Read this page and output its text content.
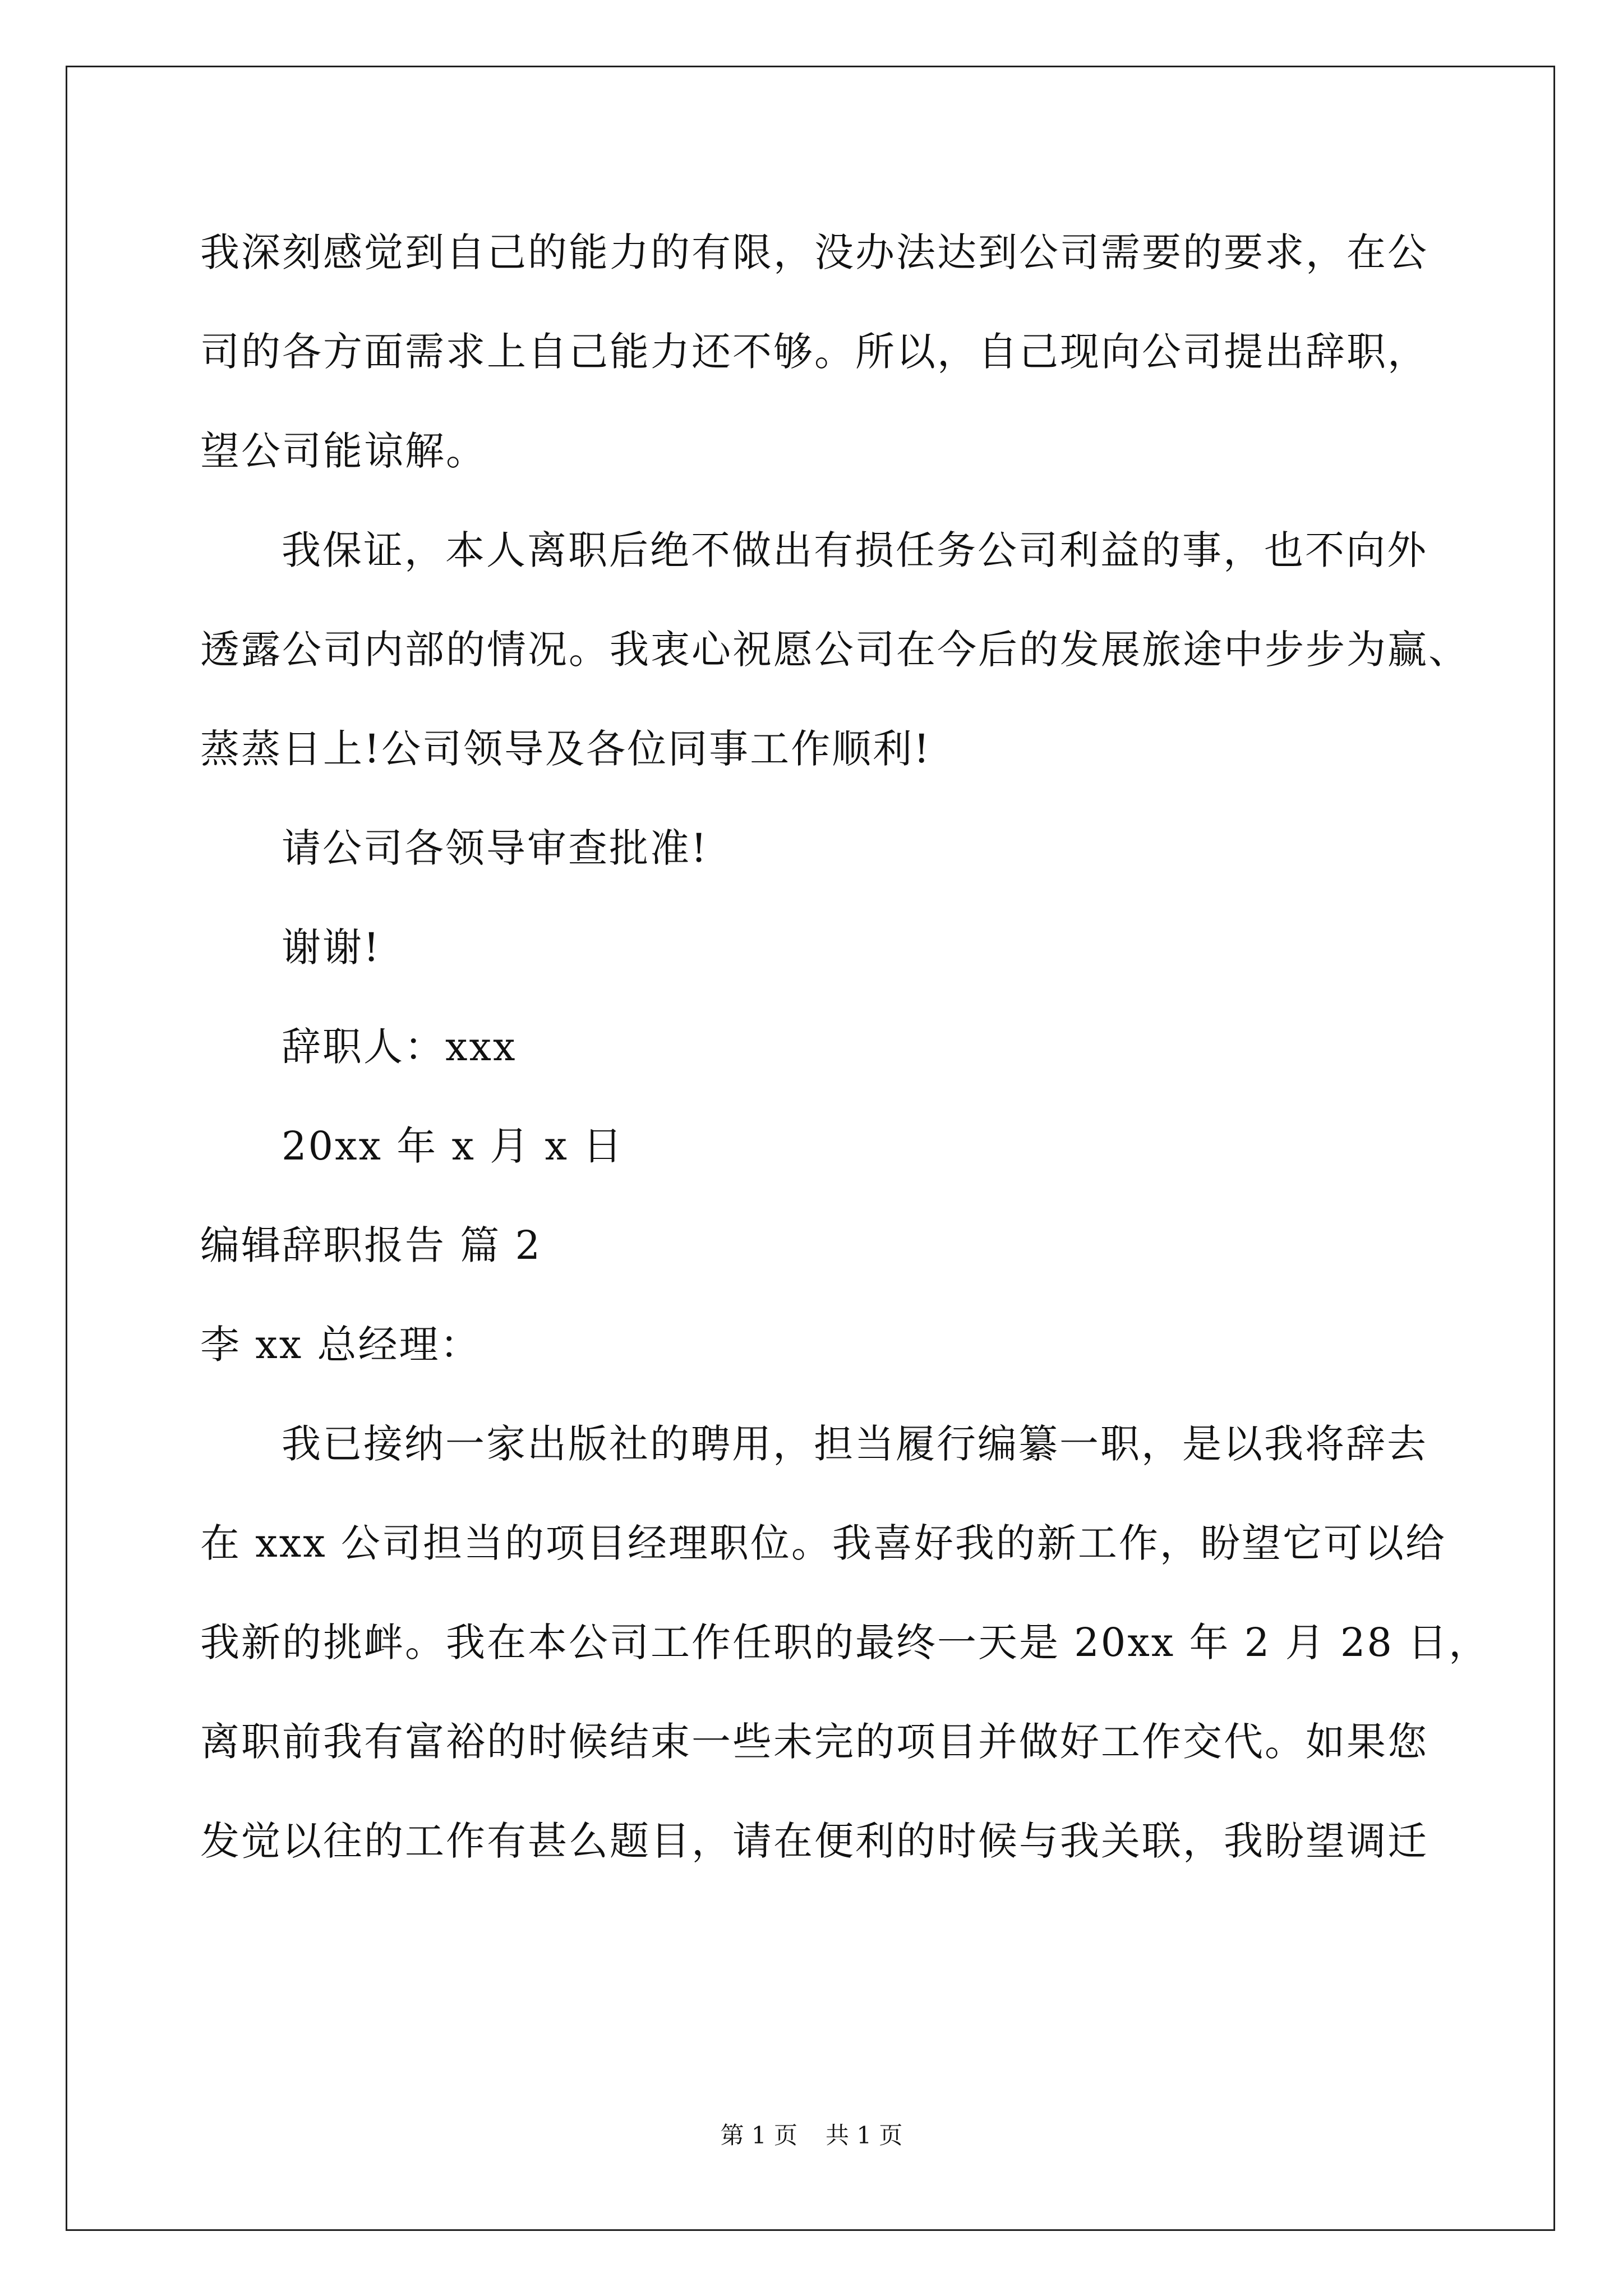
我深刻感觉到自己的能力的有限，没办法达到公司需要的要求，在公
司的各方面需求上自己能力还不够。所以，自己现向公司提出辞职，
望公司能谅解。
我保证，本人离职后绝不做出有损任务公司利益的事，也不向外
透露公司内部的情况。我衷心祝愿公司在今后的发展旅途中步步为赢、
蒸蒸日上!公司领导及各位同事工作顺利!
请公司各领导审查批准!
谢谢!
辞职人：xxx
20xx 年 x 月 x 日
编辑辞职报告 篇 2
李 xx 总经理：
我已接纳一家出版社的聘用，担当履行编纂一职，是以我将辞去
在 xxx 公司担当的项目经理职位。我喜好我的新工作，盼望它可以给
我新的挑衅。我在本公司工作任职的最终一天是 20xx 年 2 月 28 日，
离职前我有富裕的时候结束一些未完的项目并做好工作交代。如果您
发觉以往的工作有甚么题目，请在便利的时候与我关联，我盼望调迁
第 1 页 共 1 页
